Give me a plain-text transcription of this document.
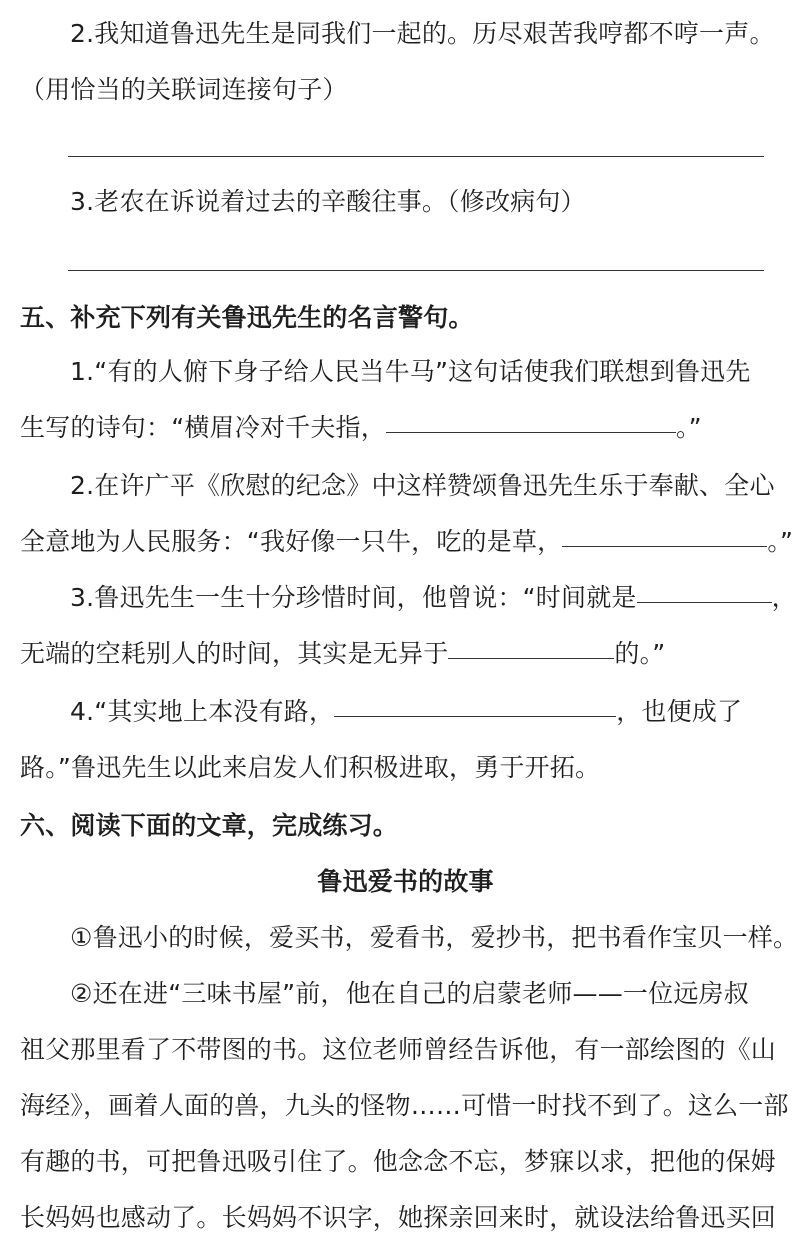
2.我知道鲁迅先生是同我们一起的。历尽艰苦我哼都不哼一声。
（用恰当的关联词连接句子）
3.老农在诉说着过去的辛酸往事。（修改病句）
五、补充下列有关鲁迅先生的名言警句。
1.“有的人俯下身子给人民当牛马”这句话使我们联想到鲁迅先
生写的诗句：“横眉冷对千夫指，	。”
2.在许广平《欣慰的纪念》中这样赞颂鲁迅先生乐于奉献、全心
全意地为人民服务：“我好像一只牛，吃的是草，	。”
3.鲁迅先生一生十分珍惜时间，他曾说：“时间就是	，
无端的空耗别人的时间，其实是无异于	的。”
4.“其实地上本没有路，	，也便成了
路。”鲁迅先生以此来启发人们积极进取，勇于开拓。
六、阅读下面的文章，完成练习。
鲁迅爱书的故事
①鲁迅小的时候，爱买书，爱看书，爱抄书，把书看作宝贝一样。
②还在进“三味书屋”前，他在自己的启蒙老师——一位远房叔
祖父那里看了不带图的书。这位老师曾经告诉他，有一部绘图的《山
海经》，画着人面的兽，九头的怪物……可惜一时找不到了。这么一部
有趣的书，可把鲁迅吸引住了。他念念不忘，梦寐以求，把他的保姆
长妈妈也感动了。长妈妈不识字，她探亲回来时，就设法给鲁迅买回
